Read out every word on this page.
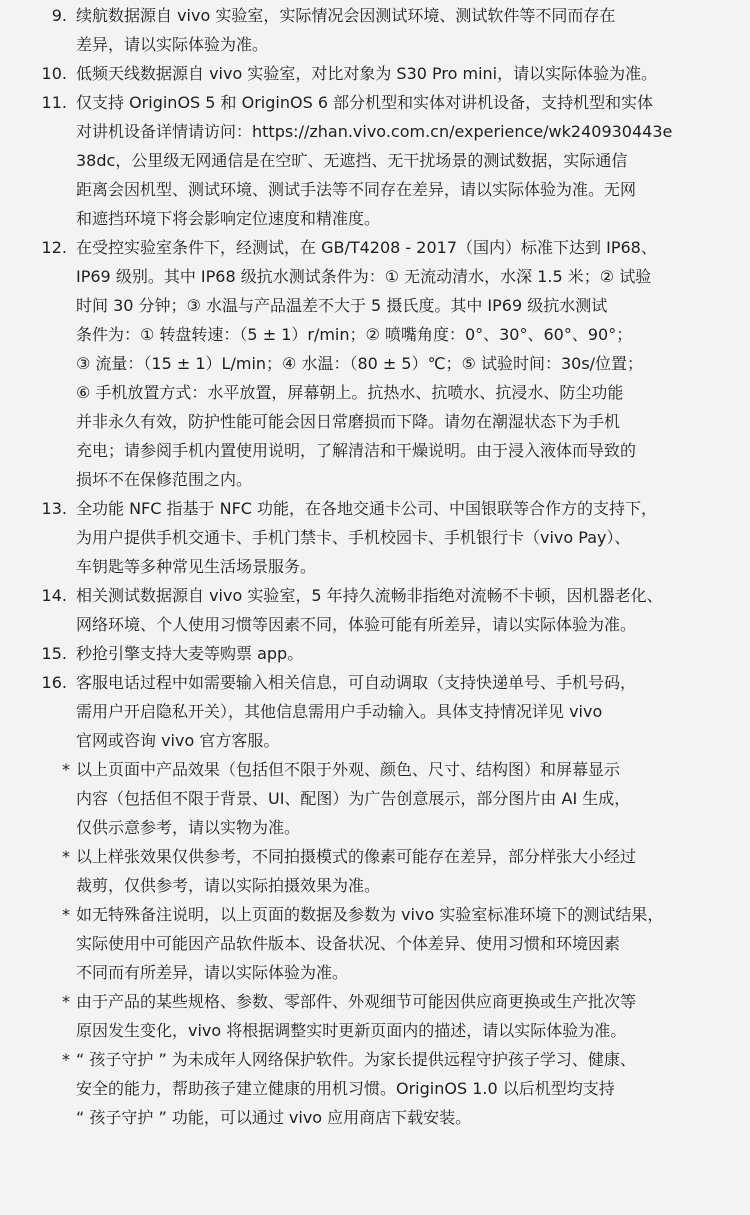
9. 续航数据源自 vivo 实验室，实际情况会因测试环境、测试软件等不同而存在
差异，请以实际体验为准。
10. 低频天线数据源自 vivo 实验室，对比对象为 S30 Pro mini，请以实际体验为准。
11. 仅支持 OriginOS 5 和 OriginOS 6 部分机型和实体对讲机设备，支持机型和实体
对讲机设备详情请访问：https://zhan.vivo.com.cn/experience/wk240930443e
38dc，公里级无网通信是在空旷、无遮挡、无干扰场景的测试数据，实际通信
距离会因机型、测试环境、测试手法等不同存在差异，请以实际体验为准。无网
和遮挡环境下将会影响定位速度和精准度。
12. 在受控实验室条件下，经测试，在 GB/T4208 - 2017（国内）标准下达到 IP68、
IP69 级别。其中 IP68 级抗水测试条件为：① 无流动清水，水深 1.5 米；② 试验
时间 30 分钟；③ 水温与产品温差不大于 5 摄氏度。其中 IP69 级抗水测试
条件为：① 转盘转速：（5 ± 1）r/min；② 喷嘴角度：0°、30°、60°、90°；
③ 流量：（15 ± 1）L/min；④ 水温：（80 ± 5）℃；⑤ 试验时间：30s/位置；
⑥ 手机放置方式：水平放置，屏幕朝上。抗热水、抗喷水、抗浸水、防尘功能
并非永久有效，防护性能可能会因日常磨损而下降。请勿在潮湿状态下为手机
充电；请参阅手机内置使用说明，了解清洁和干燥说明。由于浸入液体而导致的
损坏不在保修范围之内。
13. 全功能 NFC 指基于 NFC 功能，在各地交通卡公司、中国银联等合作方的支持下，
为用户提供手机交通卡、手机门禁卡、手机校园卡、手机银行卡（vivo Pay）、
车钥匙等多种常见生活场景服务。
14. 相关测试数据源自 vivo 实验室，5 年持久流畅非指绝对流畅不卡顿，因机器老化、
网络环境、个人使用习惯等因素不同，体验可能有所差异，请以实际体验为准。
15. 秒抢引擎支持大麦等购票 app。
16. 客服电话过程中如需要输入相关信息，可自动调取（支持快递单号、手机号码，
需用户开启隐私开关），其他信息需用户手动输入。具体支持情况详见 vivo
官网或咨询 vivo 官方客服。
* 以上页面中产品效果（包括但不限于外观、颜色、尺寸、结构图）和屏幕显示
内容（包括但不限于背景、UI、配图）为广告创意展示，部分图片由 AI 生成，
仅供示意参考，请以实物为准。
* 以上样张效果仅供参考，不同拍摄模式的像素可能存在差异，部分样张大小经过
裁剪，仅供参考，请以实际拍摄效果为准。
* 如无特殊备注说明，以上页面的数据及参数为 vivo 实验室标准环境下的测试结果，
实际使用中可能因产品软件版本、设备状况、个体差异、使用习惯和环境因素
不同而有所差异，请以实际体验为准。
* 由于产品的某些规格、参数、零部件、外观细节可能因供应商更换或生产批次等
原因发生变化，vivo 将根据调整实时更新页面内的描述，请以实际体验为准。
* “ 孩子守护 ” 为未成年人网络保护软件。为家长提供远程守护孩子学习、健康、
安全的能力，帮助孩子建立健康的用机习惯。OriginOS 1.0 以后机型均支持
“ 孩子守护 ” 功能，可以通过 vivo 应用商店下载安装。
